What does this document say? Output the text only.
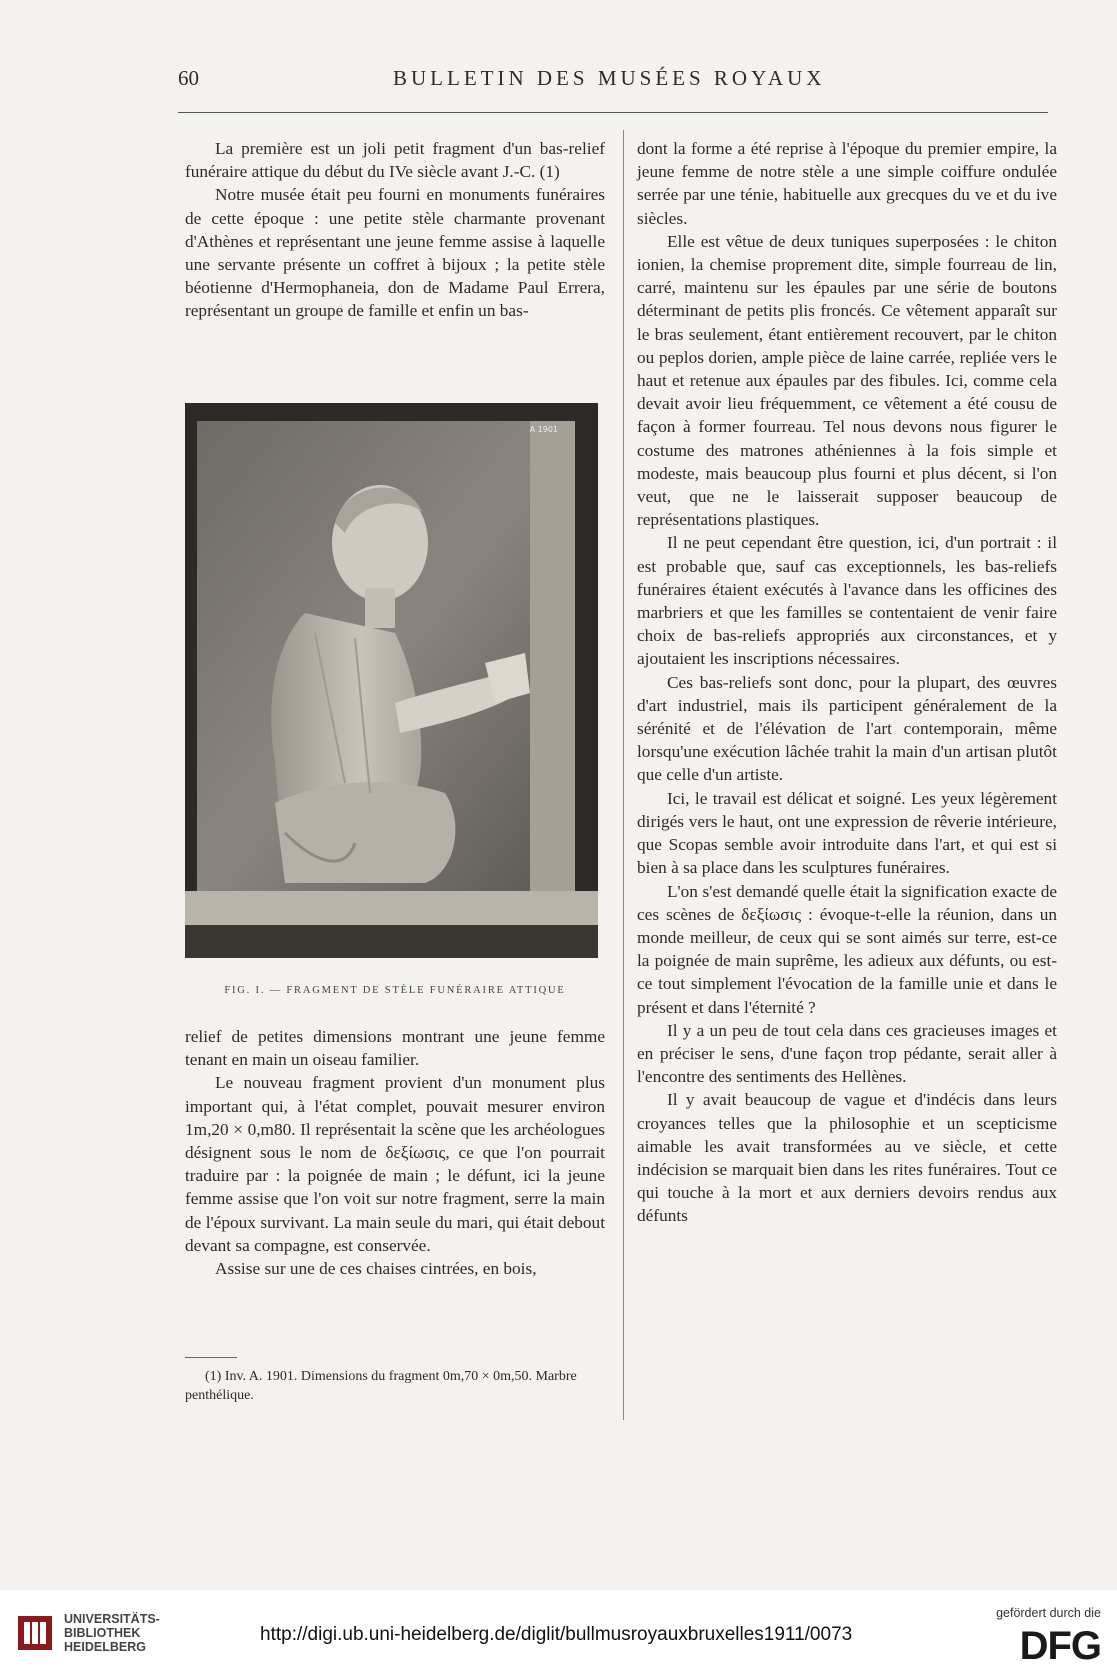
60	BULLETIN DES MUSÉES ROYAUX

La première est un joli petit fragment d'un bas-relief funéraire attique du début du IVe siècle avant J.-C. (1)

Notre musée était peu fourni en monuments funéraires de cette époque : une petite stèle charmante provenant d'Athènes et représentant une jeune femme assise à laquelle une servante présente un coffret à bijoux ; la petite stèle béotienne d'Hermophaneia, don de Madame Paul Errera, représentant un groupe de famille et enfin un bas-

A 1901
FIG. I. — FRAGMENT DE STÈLE FUNÉRAIRE ATTIQUE

relief de petites dimensions montrant une jeune femme tenant en main un oiseau familier.

Le nouveau fragment provient d'un monument plus important qui, à l'état complet, pouvait mesurer environ 1m,20 × 0,m80. Il représentait la scène que les archéologues désignent sous le nom de δεξίωσις, ce que l'on pourrait traduire par : la poignée de main ; le défunt, ici la jeune femme assise que l'on voit sur notre fragment, serre la main de l'époux survivant. La main seule du mari, qui était debout devant sa compagne, est conservée.

Assise sur une de ces chaises cintrées, en bois,

(1) Inv. A. 1901. Dimensions du fragment 0m,70 × 0m,50. Marbre penthélique.

dont la forme a été reprise à l'époque du premier empire, la jeune femme de notre stèle a une simple coiffure ondulée serrée par une ténie, habituelle aux grecques du ve et du ive siècles.

Elle est vêtue de deux tuniques superposées : le chiton ionien, la chemise proprement dite, simple fourreau de lin, carré, maintenu sur les épaules par une série de boutons déterminant de petits plis froncés. Ce vêtement apparaît sur le bras seulement, étant entièrement recouvert, par le chiton ou peplos dorien, ample pièce de laine carrée, repliée vers le haut et retenue aux épaules par des fibules. Ici, comme cela devait avoir lieu fréquemment, ce vêtement a été cousu de façon à former fourreau. Tel nous devons nous figurer le costume des matrones athéniennes à la fois simple et modeste, mais beaucoup plus fourni et plus décent, si l'on veut, que ne le laisserait supposer beaucoup de représentations plastiques.

Il ne peut cependant être question, ici, d'un portrait : il est probable que, sauf cas exceptionnels, les bas-reliefs funéraires étaient exécutés à l'avance dans les officines des marbriers et que les familles se contentaient de venir faire choix de bas-reliefs appropriés aux circonstances, et y ajoutaient les inscriptions nécessaires.

Ces bas-reliefs sont donc, pour la plupart, des œuvres d'art industriel, mais ils participent généralement de la sérénité et de l'élévation de l'art contemporain, même lorsqu'une exécution lâchée trahit la main d'un artisan plutôt que celle d'un artiste.

Ici, le travail est délicat et soigné. Les yeux légèrement dirigés vers le haut, ont une expression de rêverie intérieure, que Scopas semble avoir introduite dans l'art, et qui est si bien à sa place dans les sculptures funéraires.

L'on s'est demandé quelle était la signification exacte de ces scènes de δεξίωσις : évoque-t-elle la réunion, dans un monde meilleur, de ceux qui se sont aimés sur terre, est-ce la poignée de main suprême, les adieux aux défunts, ou est-ce tout simplement l'évocation de la famille unie et dans le présent et dans l'éternité ?

Il y a un peu de tout cela dans ces gracieuses images et en préciser le sens, d'une façon trop pédante, serait aller à l'encontre des sentiments des Hellènes.

Il y avait beaucoup de vague et d'indécis dans leurs croyances telles que la philosophie et un scepticisme aimable les avait transformées au ve siècle, et cette indécision se marquait bien dans les rites funéraires. Tout ce qui touche à la mort et aux derniers devoirs rendus aux défunts

UNIVERSITÄTS-
BIBLIOTHEK
HEIDELBERG
http://digi.ub.uni-heidelberg.de/diglit/bullmusroyauxbruxelles1911/0073
gefördert durch die
DFG
